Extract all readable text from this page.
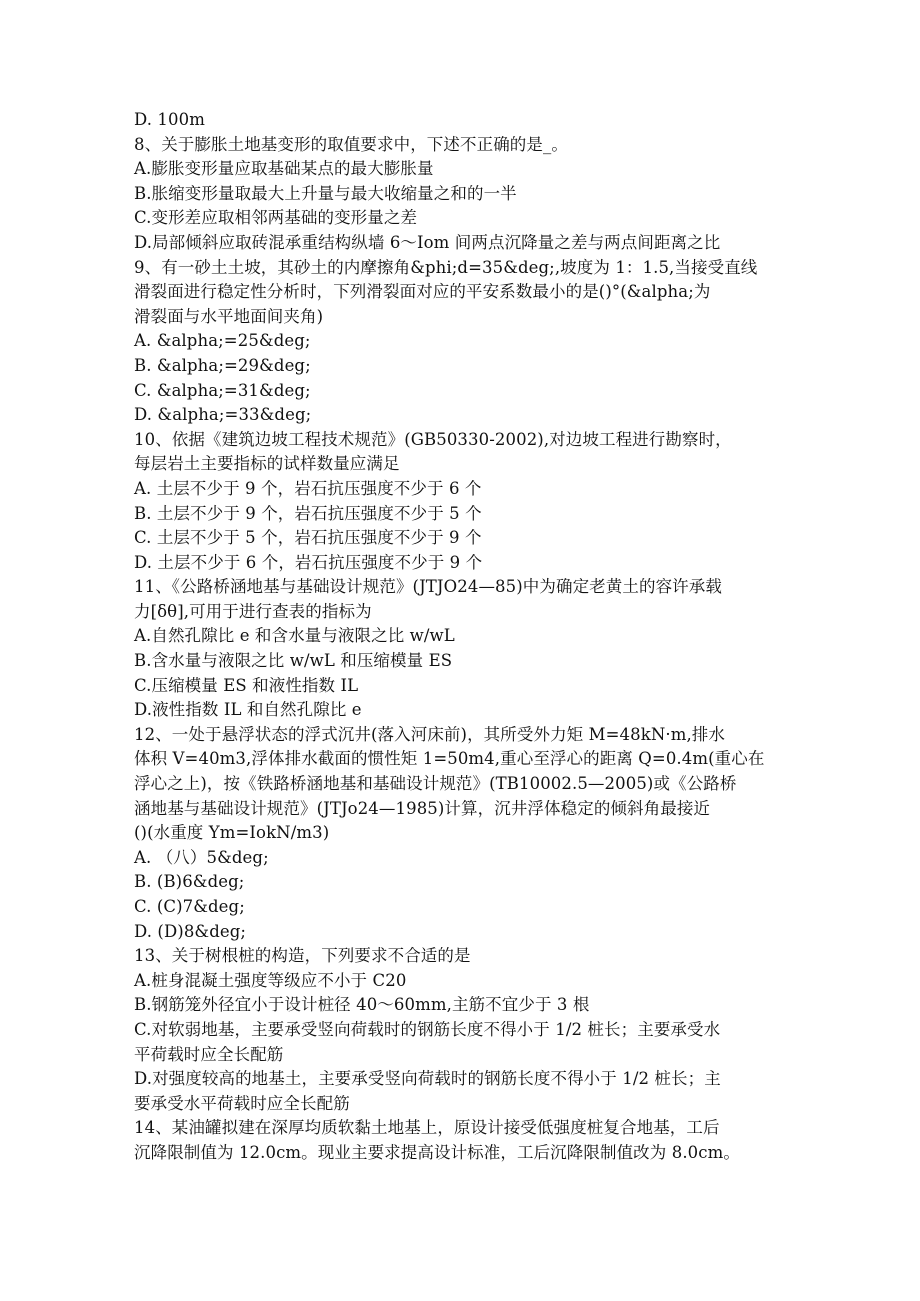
D. 100m
8、关于膨胀土地基变形的取值要求中，下述不正确的是_。
A.膨胀变形量应取基础某点的最大膨胀量
B.胀缩变形量取最大上升量与最大收缩量之和的一半
C.变形差应取相邻两基础的变形量之差
D.局部倾斜应取砖混承重结构纵墙 6～Iom 间两点沉降量之差与两点间距离之比
9、有一砂土土坡，其砂土的内摩擦角&phi;d=35&deg;,坡度为 1：1.5,当接受直线
滑裂面进行稳定性分析时，下列滑裂面对应的平安系数最小的是()°(&alpha;为
滑裂面与水平地面间夹角)
A. &alpha;=25&deg;
B. &alpha;=29&deg;
C. &alpha;=31&deg;
D. &alpha;=33&deg;
10、依据《建筑边坡工程技术规范》(GB50330-2002),对边坡工程进行勘察时，
每层岩土主要指标的试样数量应满足
A. 土层不少于 9 个，岩石抗压强度不少于 6 个
B. 土层不少于 9 个，岩石抗压强度不少于 5 个
C. 土层不少于 5 个，岩石抗压强度不少于 9 个
D. 土层不少于 6 个，岩石抗压强度不少于 9 个
11、《公路桥涵地基与基础设计规范》(JTJO24—85)中为确定老黄土的容许承载
力[δθ],可用于进行查表的指标为
A.自然孔隙比 e 和含水量与液限之比 w/wL
B.含水量与液限之比 w/wL 和压缩模量 ES
C.压缩模量 ES 和液性指数 IL
D.液性指数 IL 和自然孔隙比 e
12、一处于悬浮状态的浮式沉井(落入河床前)，其所受外力矩 M=48kN·m,排水
体积 V=40m3,浮体排水截面的惯性矩 1=50m4,重心至浮心的距离 Q=0.4m(重心在
浮心之上)，按《铁路桥涵地基和基础设计规范》(TB10002.5—2005)或《公路桥
涵地基与基础设计规范》(JTJo24—1985)计算，沉井浮体稳定的倾斜角最接近
()(水重度 Ym=IokN/m3)
A. （八）5&deg;
B. (B)6&deg;
C. (C)7&deg;
D. (D)8&deg;
13、关于树根桩的构造，下列要求不合适的是
A.桩身混凝土强度等级应不小于 C20
B.钢筋笼外径宜小于设计桩径 40～60mm,主筋不宜少于 3 根
C.对软弱地基，主要承受竖向荷载时的钢筋长度不得小于 1/2 桩长；主要承受水
平荷载时应全长配筋
D.对强度较高的地基土，主要承受竖向荷载时的钢筋长度不得小于 1/2 桩长；主
要承受水平荷载时应全长配筋
14、某油罐拟建在深厚均质软黏土地基上，原设计接受低强度桩复合地基，工后
沉降限制值为 12.0cm。现业主要求提高设计标准，工后沉降限制值改为 8.0cm。
